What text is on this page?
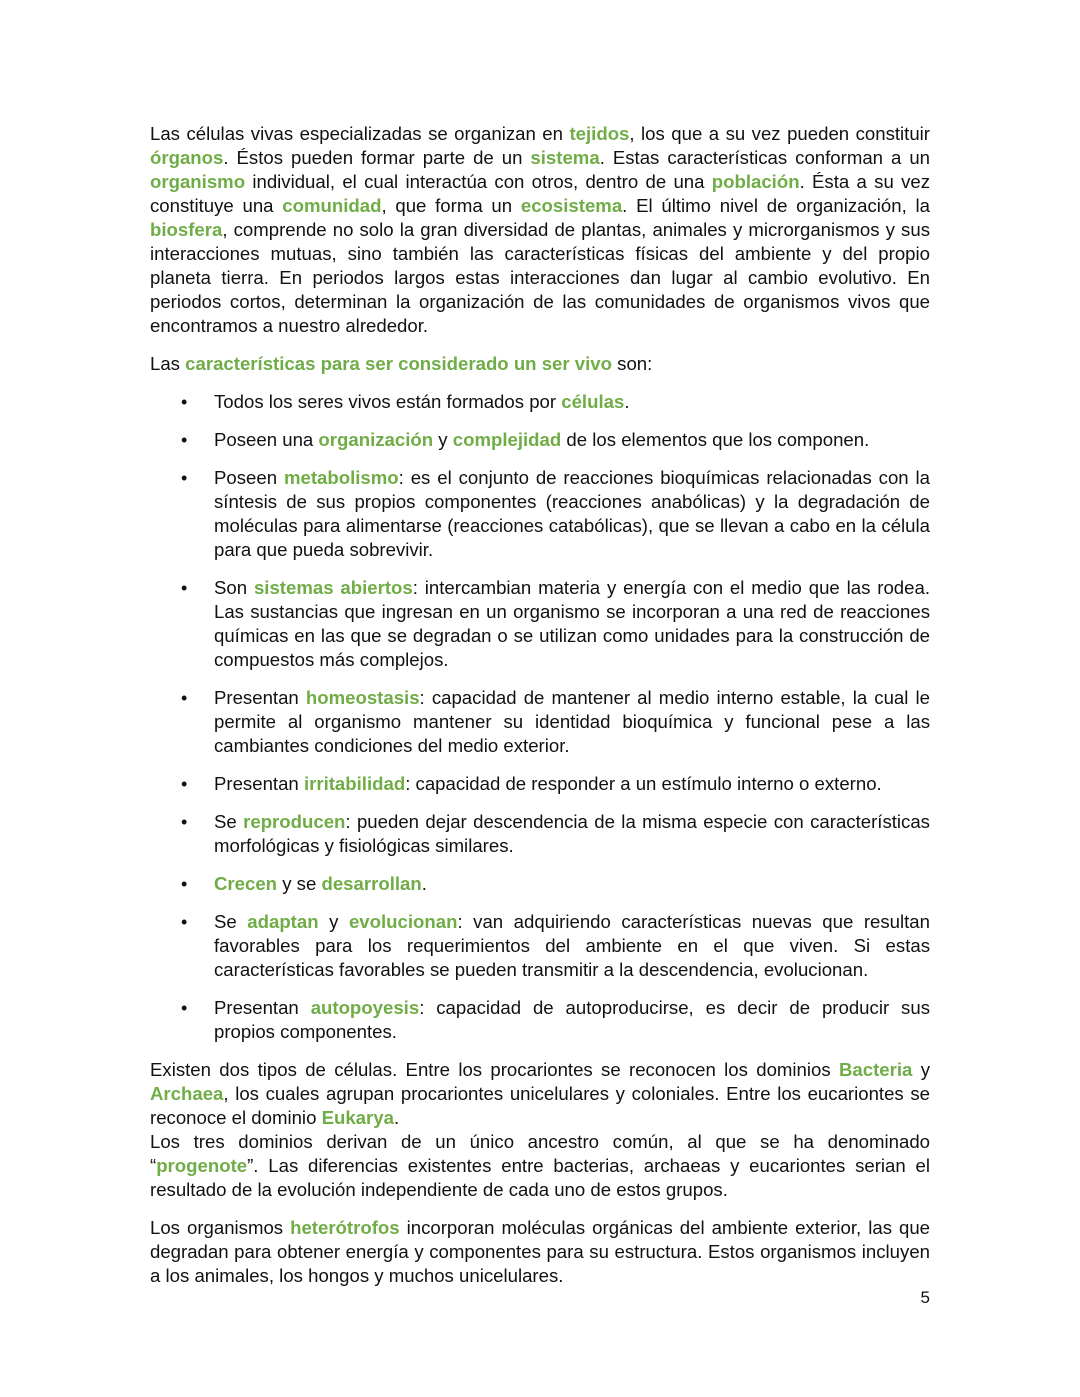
Las células vivas especializadas se organizan en tejidos, los que a su vez pueden constituir órganos. Éstos pueden formar parte de un sistema. Estas características conforman a un organismo individual, el cual interactúa con otros, dentro de una población. Ésta a su vez constituye una comunidad, que forma un ecosistema. El último nivel de organización, la biosfera, comprende no solo la gran diversidad de plantas, animales y microrganismos y sus interacciones mutuas, sino también las características físicas del ambiente y del propio planeta tierra. En periodos largos estas interacciones dan lugar al cambio evolutivo. En periodos cortos, determinan la organización de las comunidades de organismos vivos que encontramos a nuestro alrededor.

Las características para ser considerado un ser vivo son:

• Todos los seres vivos están formados por células.
• Poseen una organización y complejidad de los elementos que los componen.
• Poseen metabolismo: es el conjunto de reacciones bioquímicas relacionadas con la síntesis de sus propios componentes (reacciones anabólicas) y la degradación de moléculas para alimentarse (reacciones catabólicas), que se llevan a cabo en la célula para que pueda sobrevivir.
• Son sistemas abiertos: intercambian materia y energía con el medio que las rodea. Las sustancias que ingresan en un organismo se incorporan a una red de reacciones químicas en las que se degradan o se utilizan como unidades para la construcción de compuestos más complejos.
• Presentan homeostasis: capacidad de mantener al medio interno estable, la cual le permite al organismo mantener su identidad bioquímica y funcional pese a las cambiantes condiciones del medio exterior.
• Presentan irritabilidad: capacidad de responder a un estímulo interno o externo.
• Se reproducen: pueden dejar descendencia de la misma especie con características morfológicas y fisiológicas similares.
• Crecen y se desarrollan.
• Se adaptan y evolucionan: van adquiriendo características nuevas que resultan favorables para los requerimientos del ambiente en el que viven. Si estas características favorables se pueden transmitir a la descendencia, evolucionan.
• Presentan autopoyesis: capacidad de autoproducirse, es decir de producir sus propios componentes.

Existen dos tipos de células. Entre los procariontes se reconocen los dominios Bacteria y Archaea, los cuales agrupan procariontes unicelulares y coloniales. Entre los eucariontes se reconoce el dominio Eukarya.

Los tres dominios derivan de un único ancestro común, al que se ha denominado “progenote”. Las diferencias existentes entre bacterias, archaeas y eucariontes serian el resultado de la evolución independiente de cada uno de estos grupos.

Los organismos heterótrofos incorporan moléculas orgánicas del ambiente exterior, las que degradan para obtener energía y componentes para su estructura. Estos organismos incluyen a los animales, los hongos y muchos unicelulares.

5
